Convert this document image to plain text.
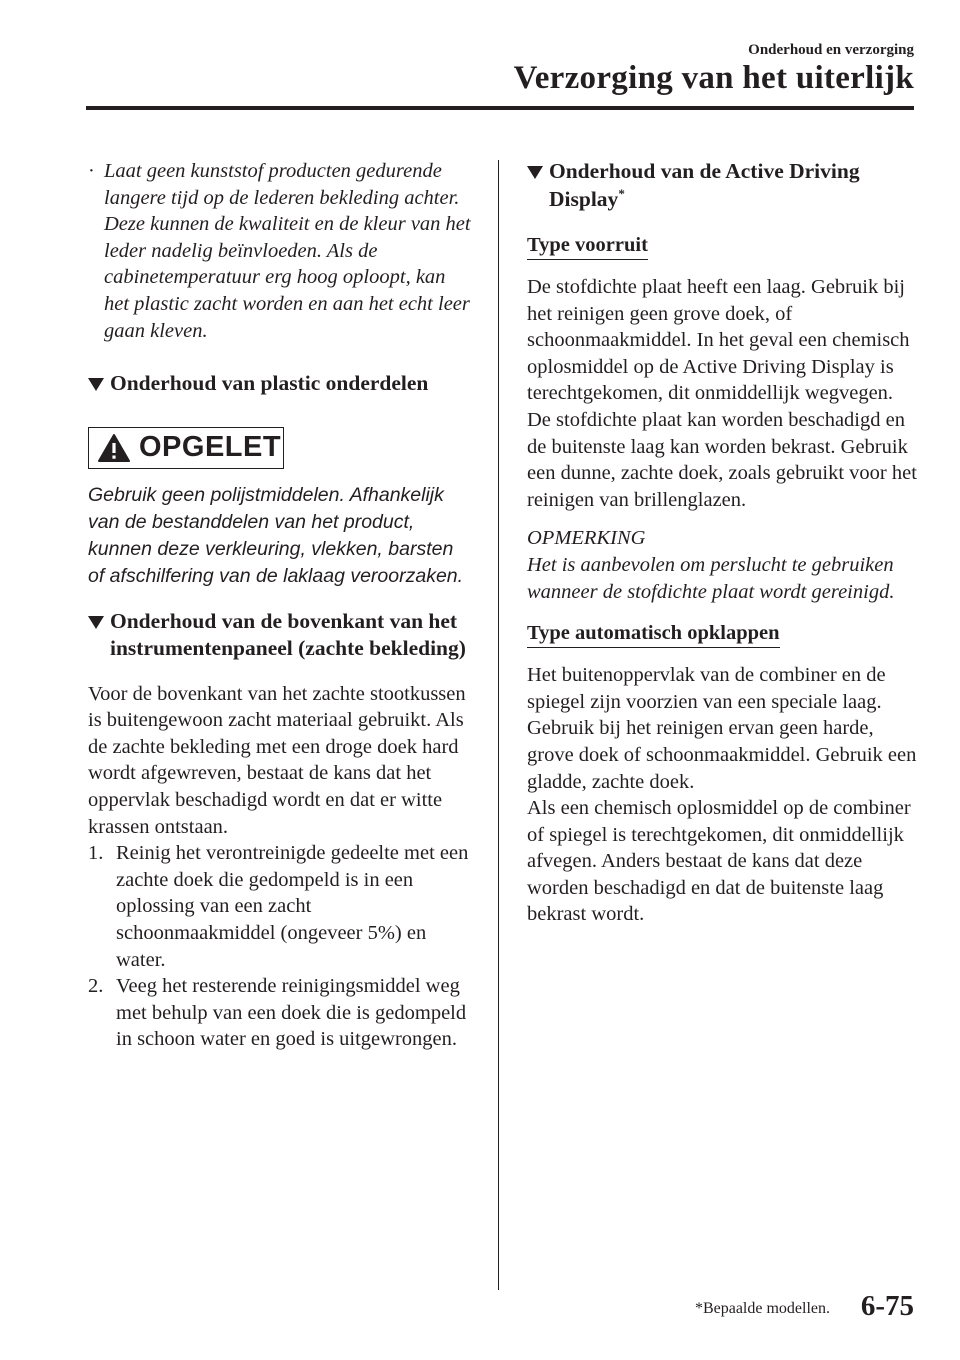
Onderhoud en verzorging
Verzorging van het uiterlijk

· Laat geen kunststof producten gedurende langere tijd op de lederen bekleding achter. Deze kunnen de kwaliteit en de kleur van het leder nadelig beïnvloeden. Als de cabinetemperatuur erg hoog oploopt, kan het plastic zacht worden en aan het echt leer gaan kleven.

Onderhoud van plastic onderdelen
OPGELET

Gebruik geen polijstmiddelen. Afhankelijk van de bestanddelen van het product, kunnen deze verkleuring, vlekken, barsten of afschilfering van de laklaag veroorzaken.

Onderhoud van de bovenkant van het instrumentenpaneel (zachte bekleding)

Voor de bovenkant van het zachte stootkussen is buitengewoon zacht materiaal gebruikt. Als de zachte bekleding met een droge doek hard wordt afgewreven, bestaat de kans dat het oppervlak beschadigd wordt en dat er witte krassen ontstaan.

1. Reinig het verontreinigde gedeelte met een zachte doek die gedompeld is in een oplossing van een zacht schoonmaakmiddel (ongeveer 5%) en water.

2. Veeg het resterende reinigingsmiddel weg met behulp van een doek die is gedompeld in schoon water en goed is uitgewrongen.

Onderhoud van de Active Driving Display*
Type voorruit

De stofdichte plaat heeft een laag. Gebruik bij het reinigen geen grove doek, of schoonmaakmiddel. In het geval een chemisch oplosmiddel op de Active Driving Display is terechtgekomen, dit onmiddellijk wegvegen. De stofdichte plaat kan worden beschadigd en de buitenste laag kan worden bekrast. Gebruik een dunne, zachte doek, zoals gebruikt voor het reinigen van brillenglazen.

OPMERKING

Het is aanbevolen om perslucht te gebruiken wanneer de stofdichte plaat wordt gereinigd.

Type automatisch opklappen

Het buitenoppervlak van de combiner en de spiegel zijn voorzien van een speciale laag. Gebruik bij het reinigen ervan geen harde, grove doek of schoonmaakmiddel. Gebruik een gladde, zachte doek.

Als een chemisch oplosmiddel op de combiner of spiegel is terechtgekomen, dit onmiddellijk afvegen. Anders bestaat de kans dat deze worden beschadigd en dat de buitenste laag bekrast wordt.

*Bepaalde modellen. 6-75
